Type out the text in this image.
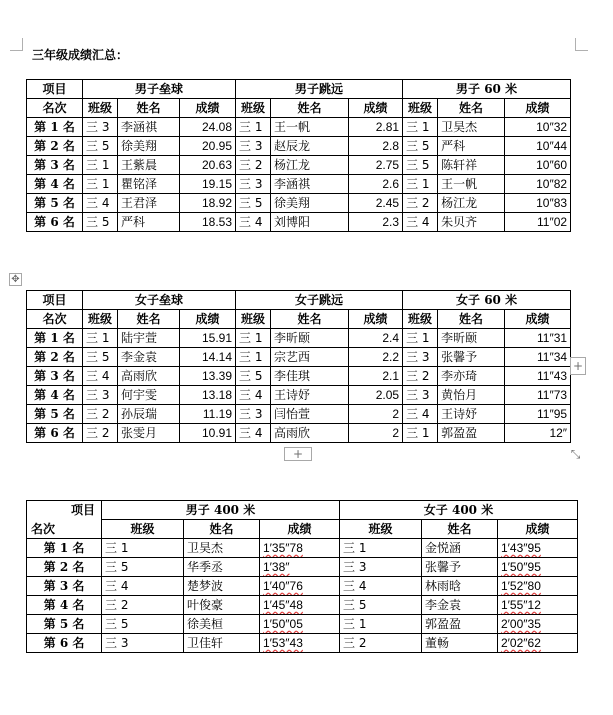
三年级成绩汇总：
项目	男子垒球			男子跳远			男子 60 米		
名次	班级	姓名	成绩	班级	姓名	成绩	班级	姓名	成绩
第 1 名	三 3	李涵祺	24.08	三 1	王一帆	2.81	三 1	卫昊杰	10″32
第 2 名	三 5	徐美翔	20.95	三 3	赵辰龙	2.8	三 5	严科	10″44
第 3 名	三 1	王紫晨	20.63	三 2	杨江龙	2.75	三 5	陈轩祥	10″60
第 4 名	三 1	瞿铭泽	19.15	三 3	李涵祺	2.6	三 1	王一帆	10″82
第 5 名	三 4	王君泽	18.92	三 5	徐美翔	2.45	三 2	杨江龙	10″83
第 6 名	三 5	严科	18.53	三 4	刘博阳	2.3	三 4	朱贝齐	11″02
✥
项目	女子垒球			女子跳远			女子 60 米		
名次	班级	姓名	成绩	班级	姓名	成绩	班级	姓名	成绩
第 1 名	三 1	陆宇萱	15.91	三 1	李昕颐	2.4	三 1	李昕颐	11″31
第 2 名	三 5	李金袁	14.14	三 1	宗艺西	2.2	三 3	张馨予	11″34
第 3 名	三 4	高雨欣	13.39	三 5	李佳琪	2.1	三 2	李亦琦	11″43
第 4 名	三 3	何宇雯	13.18	三 4	王诗妤	2.05	三 3	黄怡月	11″73
第 5 名	三 2	孙辰瑞	11.19	三 3	闫怡萱	2	三 4	王诗妤	11″95
第 6 名	三 2	张雯月	10.91	三 4	高雨欣	2	三 1	郭盈盈	12″
+
+	⤡
项目
名次	男子 400 米			女子 400 米		
	班级	姓名	成绩	班级	姓名	成绩
第 1 名	三 1	卫昊杰	1′35″78	三 1	金悦涵	1′43″95
第 2 名	三 5	华季丞	1′38″	三 3	张馨予	1′50″95
第 3 名	三 4	楚梦波	1′40″76	三 4	林雨晗	1′52″80
第 4 名	三 2	叶俊豪	1′45″48	三 5	李金袁	1′55″12
第 5 名	三 5	徐美桓	1′50″05	三 1	郭盈盈	2′00″35
第 6 名	三 3	卫佳轩	1′53″43	三 2	董畅	2′02″62
